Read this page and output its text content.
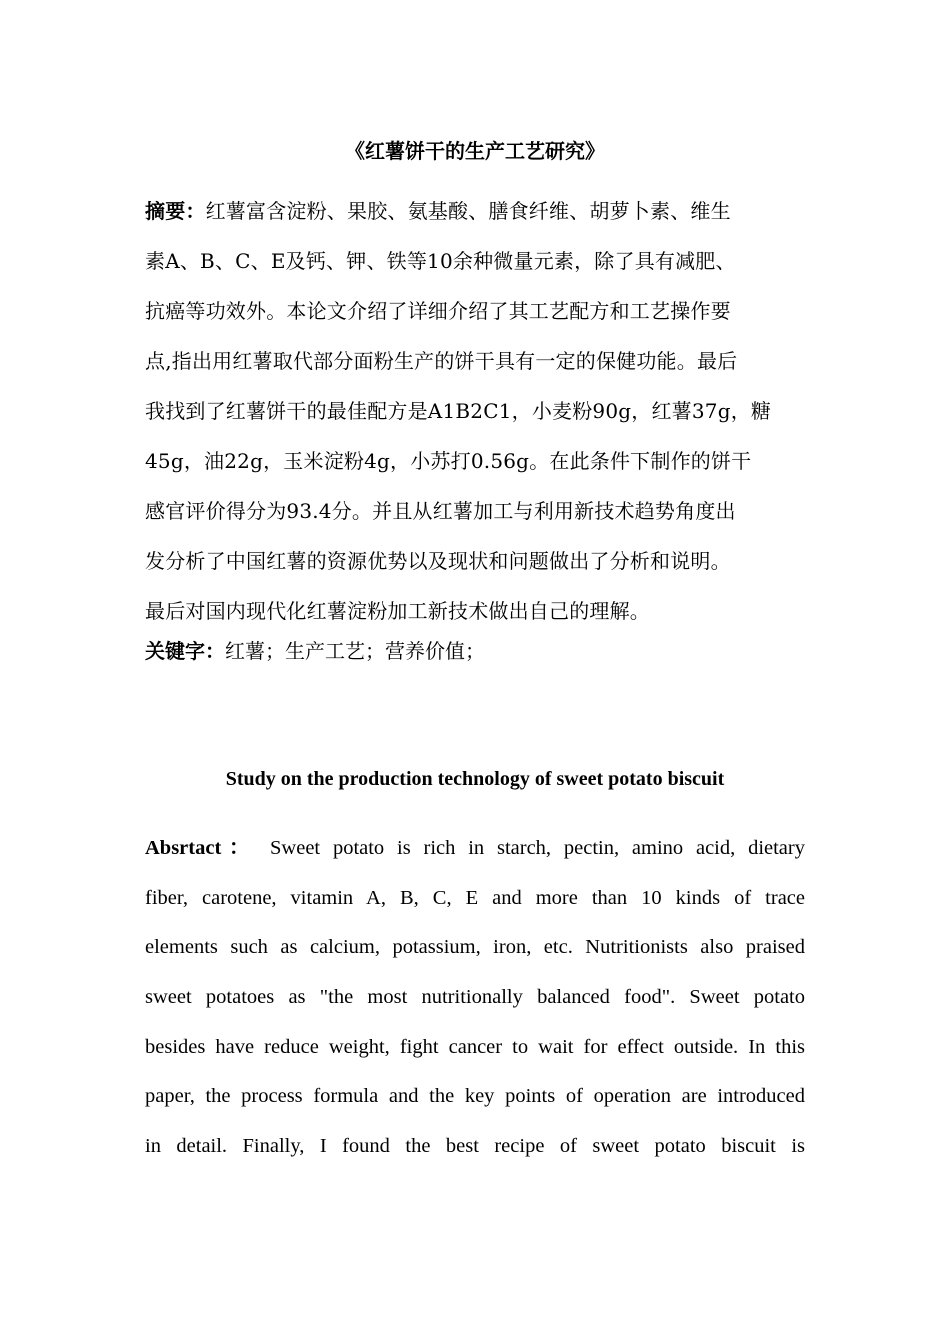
《红薯饼干的生产工艺研究》

摘要：红薯富含淀粉、果胶、氨基酸、膳食纤维、胡萝卜素、维生

素A、B、C、E及钙、钾、铁等10余种微量元素，除了具有减肥、

抗癌等功效外。本论文介绍了详细介绍了其工艺配方和工艺操作要

点,指出用红薯取代部分面粉生产的饼干具有一定的保健功能。最后

我找到了红薯饼干的最佳配方是A1B2C1，小麦粉90g，红薯37g，糖

45g，油22g，玉米淀粉4g，小苏打0.56g。在此条件下制作的饼干

感官评价得分为93.4分。并且从红薯加工与利用新技术趋势角度出

发分析了中国红薯的资源优势以及现状和问题做出了分析和说明。

最后对国内现代化红薯淀粉加工新技术做出自己的理解。

关键字：红薯；生产工艺；营养价值；
Study on the production technology of sweet potato biscuit
Absrtact： Sweet potato is rich in starch, pectin, amino acid, dietary
fiber, carotene, vitamin A, B, C, E and more than 10 kinds of trace
elements such as calcium, potassium, iron, etc. Nutritionists also praised
sweet potatoes as "the most nutritionally balanced food". Sweet potato
besides have reduce weight, fight cancer to wait for effect outside. In this
paper, the process formula and the key points of operation are introduced
in detail. Finally, I found the best recipe of sweet potato biscuit is
